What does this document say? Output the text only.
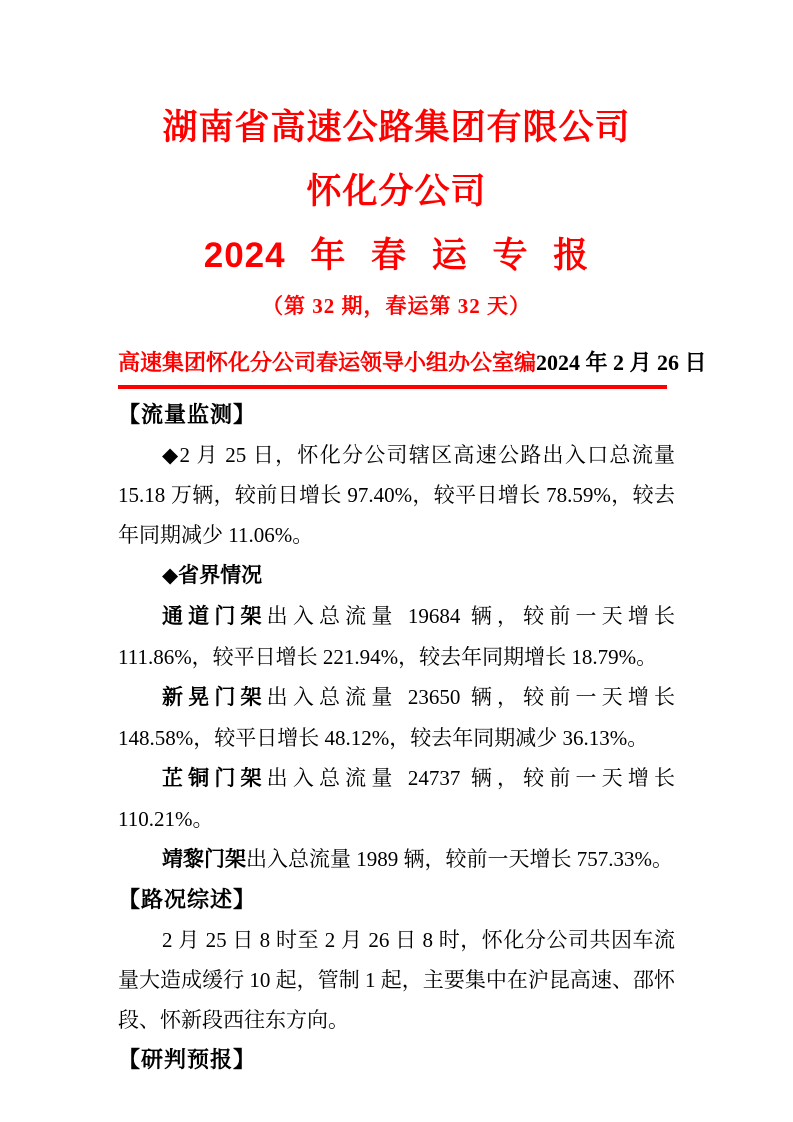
湖南省高速公路集团有限公司
怀化分公司
2024 年 春 运 专 报
（第 32 期，春运第 32 天）
高速集团怀化分公司春运领导小组办公室编 2024 年 2 月 26 日
【流量监测】

◆2 月 25 日，怀化分公司辖区高速公路出入口总流量 15.18 万辆，较前日增长 97.40%，较平日增长 78.59%，较去年同期减少 11.06%。

◆省界情况

通道门架出入总流量 19684 辆，较前一天增长 111.86%，较平日增长 221.94%，较去年同期增长 18.79%。

新晃门架出入总流量 23650 辆，较前一天增长 148.58%，较平日增长 48.12%，较去年同期减少 36.13%。

芷铜门架出入总流量 24737 辆，较前一天增长 110.21%。

靖黎门架出入总流量 1989 辆，较前一天增长 757.33%。

【路况综述】

2 月 25 日 8 时至 2 月 26 日 8 时，怀化分公司共因车流量大造成缓行 10 起，管制 1 起，主要集中在沪昆高速、邵怀段、怀新段西往东方向。

【研判预报】
